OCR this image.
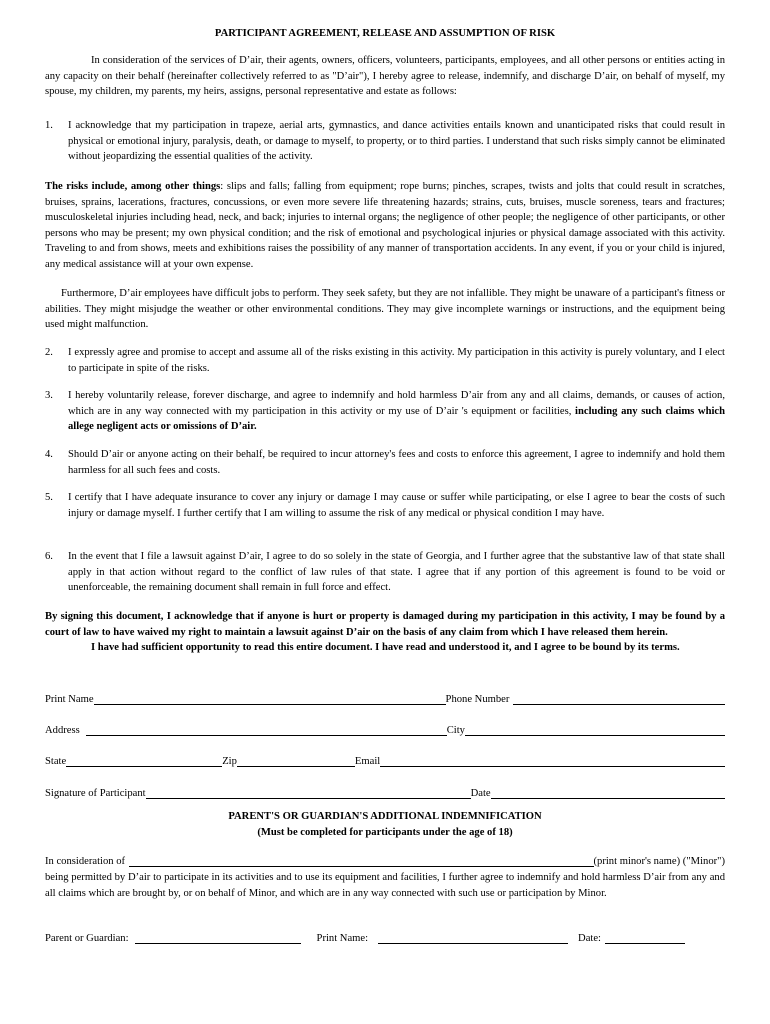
PARTICIPANT AGREEMENT, RELEASE AND ASSUMPTION OF RISK
In consideration of the services of D’air, their agents, owners, officers, volunteers, participants, employees, and all other persons or entities acting in any capacity on their behalf (hereinafter collectively referred to as "D’air"), I hereby agree to release, indemnify, and discharge D’air, on behalf of myself, my spouse, my children, my parents, my heirs, assigns, personal representative and estate as follows:
1. I acknowledge that my participation in trapeze, aerial arts, gymnastics, and dance activities entails known and unanticipated risks that could result in physical or emotional injury, paralysis, death, or damage to myself, to property, or to third parties. I understand that such risks simply cannot be eliminated without jeopardizing the essential qualities of the activity.
The risks include, among other things: slips and falls; falling from equipment; rope burns; pinches, scrapes, twists and jolts that could result in scratches, bruises, sprains, lacerations, fractures, concussions, or even more severe life threatening hazards; strains, cuts, bruises, muscle soreness, tears and fractures; musculoskeletal injuries including head, neck, and back; injuries to internal organs; the negligence of other people; the negligence of other participants, or other persons who may be present; my own physical condition; and the risk of emotional and psychological injuries or physical damage associated with this activity. Traveling to and from shows, meets and exhibitions raises the possibility of any manner of transportation accidents. In any event, if you or your child is injured, any medical assistance will at your own expense.
Furthermore, D’air employees have difficult jobs to perform. They seek safety, but they are not infallible. They might be unaware of a participant's fitness or abilities. They might misjudge the weather or other environmental conditions. They may give incomplete warnings or instructions, and the equipment being used might malfunction.
2. I expressly agree and promise to accept and assume all of the risks existing in this activity. My participation in this activity is purely voluntary, and I elect to participate in spite of the risks.
3. I hereby voluntarily release, forever discharge, and agree to indemnify and hold harmless D’air from any and all claims, demands, or causes of action, which are in any way connected with my participation in this activity or my use of D’air 's equipment or facilities, including any such claims which allege negligent acts or omissions of D’air.
4. Should D’air or anyone acting on their behalf, be required to incur attorney's fees and costs to enforce this agreement, I agree to indemnify and hold them harmless for all such fees and costs.
5. I certify that I have adequate insurance to cover any injury or damage I may cause or suffer while participating, or else I agree to bear the costs of such injury or damage myself. I further certify that I am willing to assume the risk of any medical or physical condition I may have.
6. In the event that I file a lawsuit against D’air, I agree to do so solely in the state of Georgia, and I further agree that the substantive law of that state shall apply in that action without regard to the conflict of law rules of that state. I agree that if any portion of this agreement is found to be void or unenforceable, the remaining document shall remain in full force and effect.
By signing this document, I acknowledge that if anyone is hurt or property is damaged during my participation in this activity, I may be found by a court of law to have waived my right to maintain a lawsuit against D’air on the basis of any claim from which I have released them herein.
I have had sufficient opportunity to read this entire document. I have read and understood it, and I agree to be bound by its terms.
Print Name	Phone Number
Address	City
State	Zip	Email
Signature of Participant	Date
PARENT'S OR GUARDIAN'S ADDITIONAL INDEMNIFICATION
(Must be completed for participants under the age of 18)
In consideration of	(print minor's name) ("Minor")
being permitted by D’air to participate in its activities and to use its equipment and facilities, I further agree to indemnify and hold harmless D’air from any and all claims which are brought by, or on behalf of Minor, and which are in any way connected with such use or participation by Minor.
Parent or Guardian:	Print Name:	Date:
